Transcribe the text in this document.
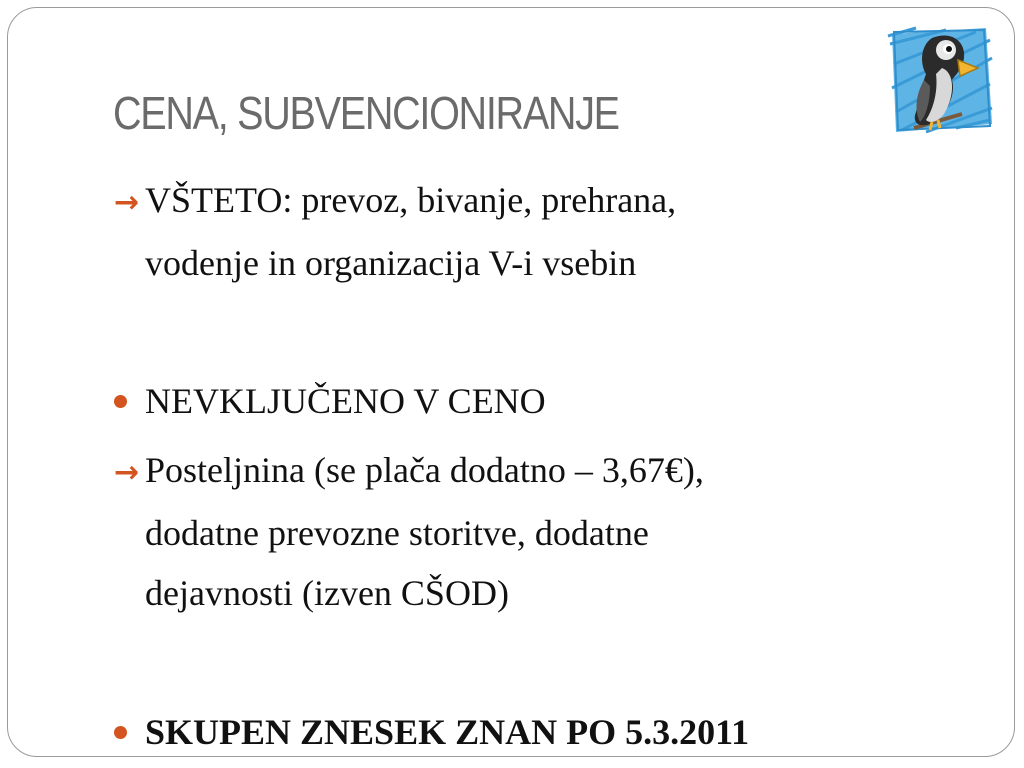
CENA, SUBVENCIONIRANJE
→ VŠTETO: prevoz, bivanje, prehrana,
vodenje in organizacija V-i vsebin
NEVKLJUČENO V CENO
→ Posteljnina (se plača dodatno – 3,67€),
dodatne prevozne storitve, dodatne
dejavnosti (izven CŠOD)
SKUPEN ZNESEK ZNAN PO 5.3.2011
